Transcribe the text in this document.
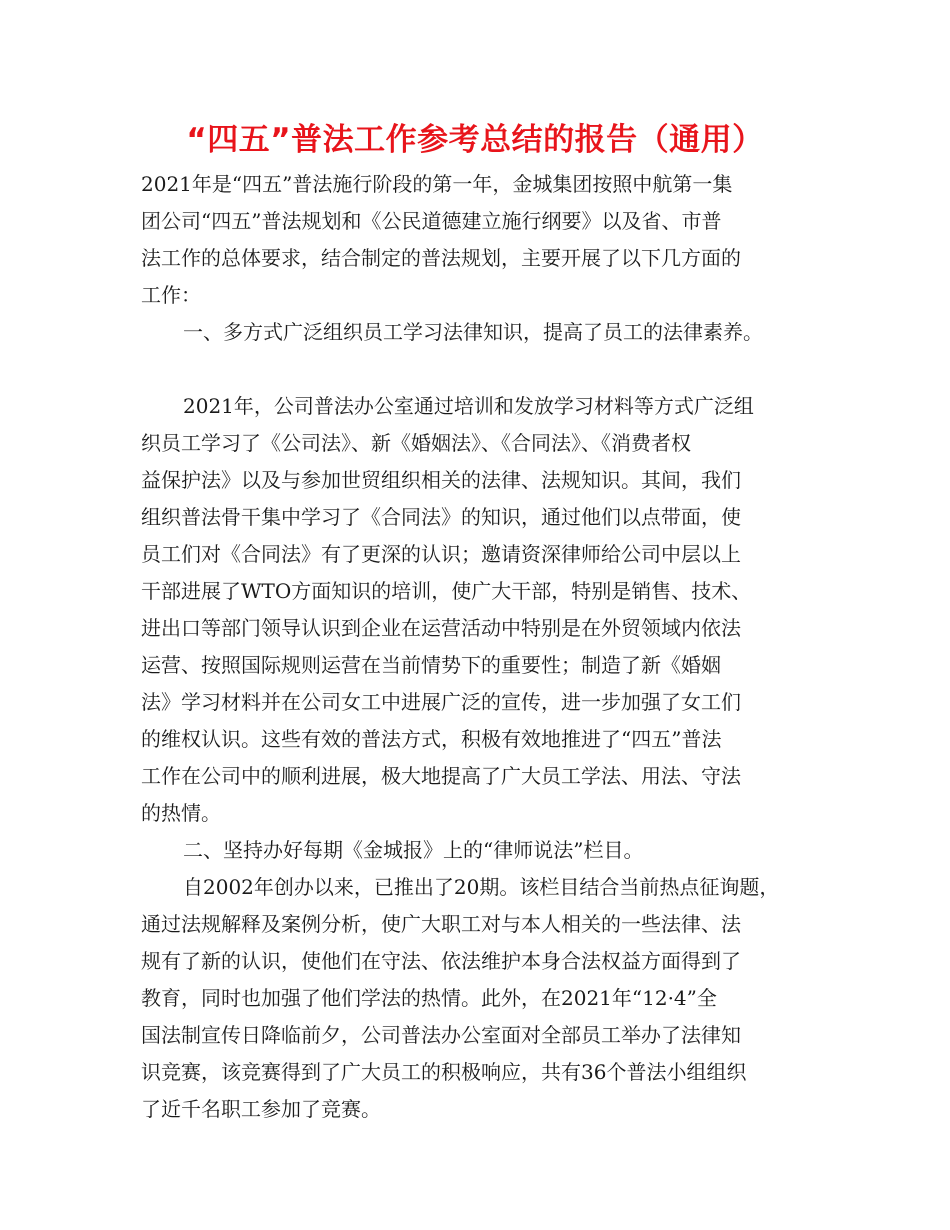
“四五”普法工作参考总结的报告（通用）
2021年是“四五”普法施行阶段的第一年，金城集团按照中航第一集
团公司“四五”普法规划和《公民道德建立施行纲要》以及省、市普
法工作的总体要求，结合制定的普法规划，主要开展了以下几方面的
工作：
一、多方式广泛组织员工学习法律知识，提高了员工的法律素养。
2021年，公司普法办公室通过培训和发放学习材料等方式广泛组
织员工学习了《公司法》、新《婚姻法》、《合同法》、《消费者权
益保护法》以及与参加世贸组织相关的法律、法规知识。其间，我们
组织普法骨干集中学习了《合同法》的知识，通过他们以点带面，使
员工们对《合同法》有了更深的认识；邀请资深律师给公司中层以上
干部进展了WTO方面知识的培训，使广大干部，特别是销售、技术、
进出口等部门领导认识到企业在运营活动中特别是在外贸领域内依法
运营、按照国际规则运营在当前情势下的重要性；制造了新《婚姻
法》学习材料并在公司女工中进展广泛的宣传，进一步加强了女工们
的维权认识。这些有效的普法方式，积极有效地推进了“四五”普法
工作在公司中的顺利进展，极大地提高了广大员工学法、用法、守法
的热情。
二、坚持办好每期《金城报》上的“律师说法”栏目。
自2002年创办以来，已推出了20期。该栏目结合当前热点征询题，
通过法规解释及案例分析，使广大职工对与本人相关的一些法律、法
规有了新的认识，使他们在守法、依法维护本身合法权益方面得到了
教育，同时也加强了他们学法的热情。此外，在2021年“12·4”全
国法制宣传日降临前夕，公司普法办公室面对全部员工举办了法律知
识竞赛，该竞赛得到了广大员工的积极响应，共有36个普法小组组织
了近千名职工参加了竞赛。
